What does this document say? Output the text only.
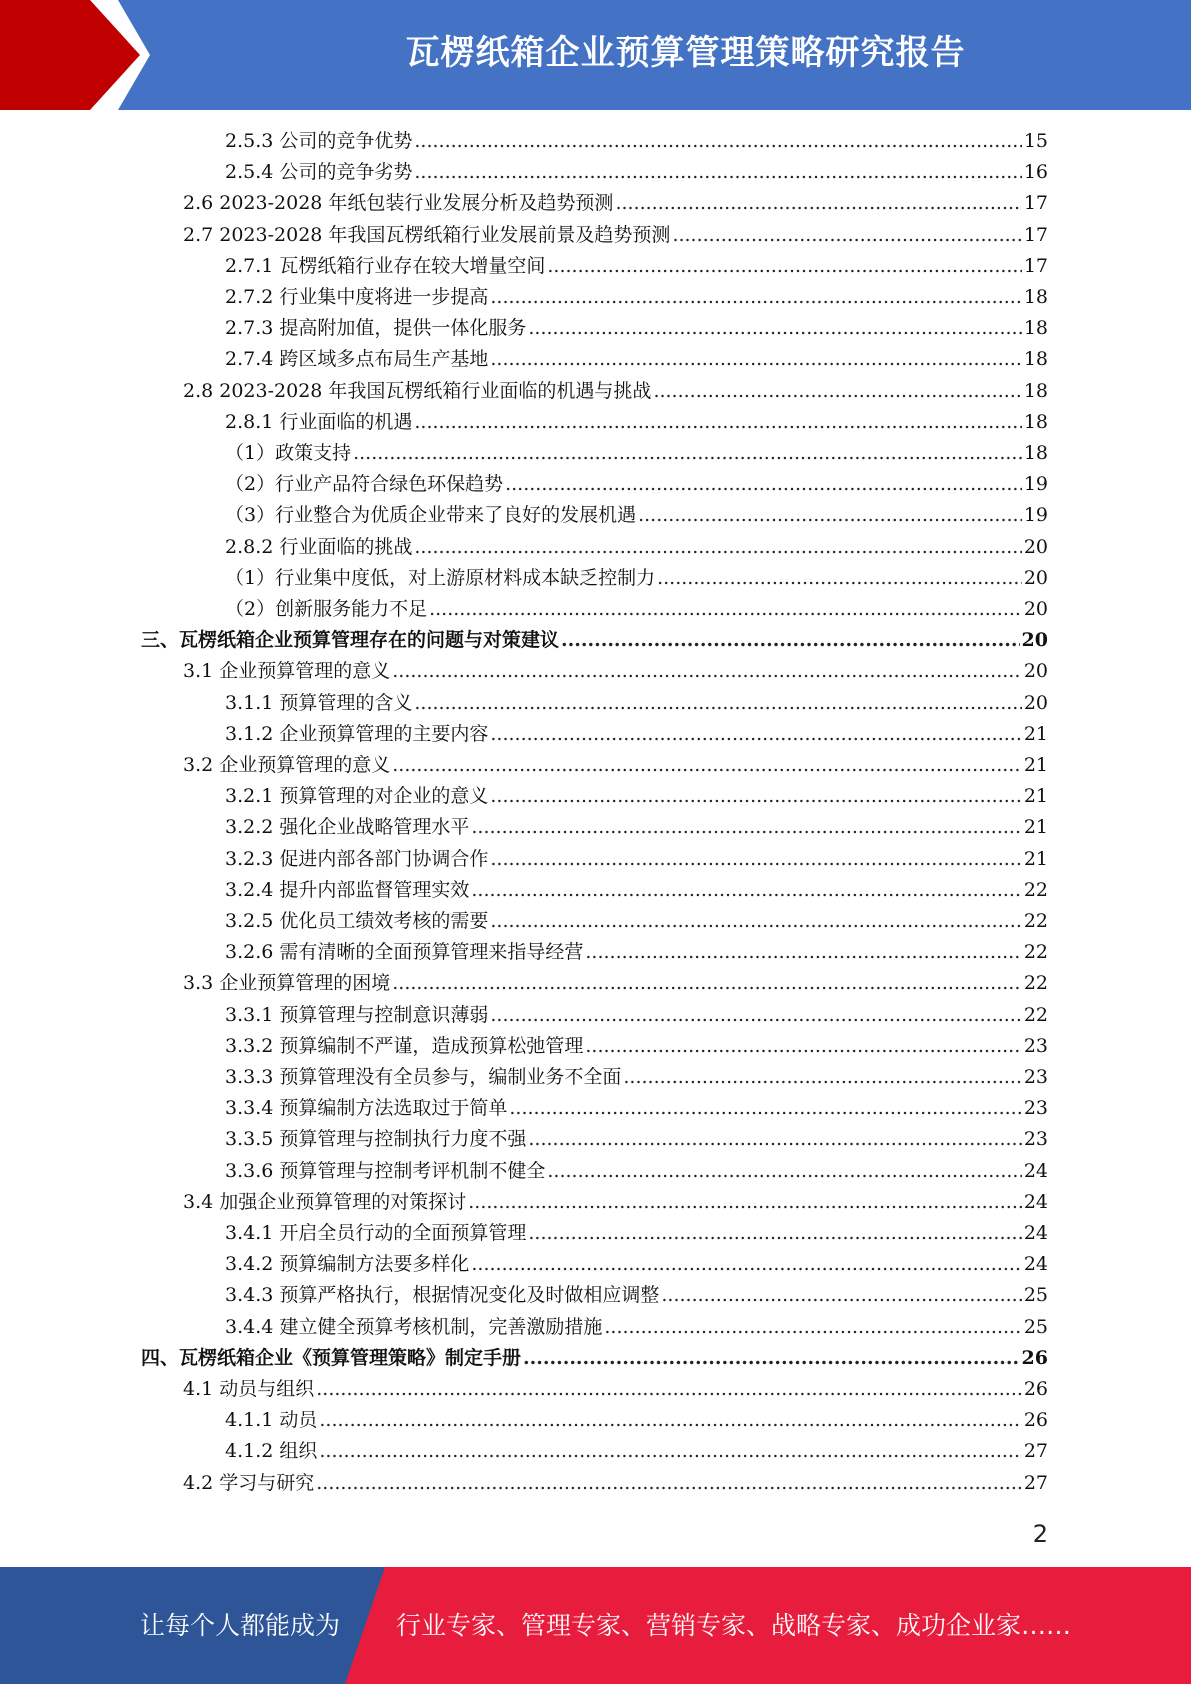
瓦楞纸箱企业预算管理策略研究报告
2.5.3 公司的竞争优势 .....	15
2.5.4 公司的竞争劣势 .....	16
2.6 2023-2028 年纸包装行业发展分析及趋势预测 .....	17
2.7 2023-2028 年我国瓦楞纸箱行业发展前景及趋势预测 .....	17
2.7.1 瓦楞纸箱行业存在较大增量空间 .....	17
2.7.2 行业集中度将进一步提高 .....	18
2.7.3 提高附加值，提供一体化服务 .....	18
2.7.4 跨区域多点布局生产基地 .....	18
2.8 2023-2028 年我国瓦楞纸箱行业面临的机遇与挑战 .....	18
2.8.1 行业面临的机遇 .....	18
（1）政策支持 .....	18
（2）行业产品符合绿色环保趋势 .....	19
（3）行业整合为优质企业带来了良好的发展机遇 .....	19
2.8.2 行业面临的挑战 .....	20
（1）行业集中度低，对上游原材料成本缺乏控制力 .....	20
（2）创新服务能力不足 .....	20
三、瓦楞纸箱企业预算管理存在的问题与对策建议 .....	20
3.1 企业预算管理的意义 .....	20
3.1.1 预算管理的含义 .....	20
3.1.2 企业预算管理的主要内容 .....	21
3.2 企业预算管理的意义 .....	21
3.2.1 预算管理的对企业的意义 .....	21
3.2.2 强化企业战略管理水平 .....	21
3.2.3 促进内部各部门协调合作 .....	21
3.2.4 提升内部监督管理实效 .....	22
3.2.5 优化员工绩效考核的需要 .....	22
3.2.6 需有清晰的全面预算管理来指导经营 .....	22
3.3 企业预算管理的困境 .....	22
3.3.1 预算管理与控制意识薄弱 .....	22
3.3.2 预算编制不严谨，造成预算松弛管理 .....	23
3.3.3 预算管理没有全员参与，编制业务不全面 .....	23
3.3.4 预算编制方法选取过于简单 .....	23
3.3.5 预算管理与控制执行力度不强 .....	23
3.3.6 预算管理与控制考评机制不健全 .....	24
3.4 加强企业预算管理的对策探讨 .....	24
3.4.1 开启全员行动的全面预算管理 .....	24
3.4.2 预算编制方法要多样化 .....	24
3.4.3 预算严格执行，根据情况变化及时做相应调整 .....	25
3.4.4 建立健全预算考核机制，完善激励措施 .....	25
四、瓦楞纸箱企业《预算管理策略》制定手册 .....	26
4.1 动员与组织 .....	26
4.1.1 动员 .....	26
4.1.2 组织 .....	27
4.2 学习与研究 .....	27
2
让每个人都能成为 行业专家、管理专家、营销专家、战略专家、成功企业家……
